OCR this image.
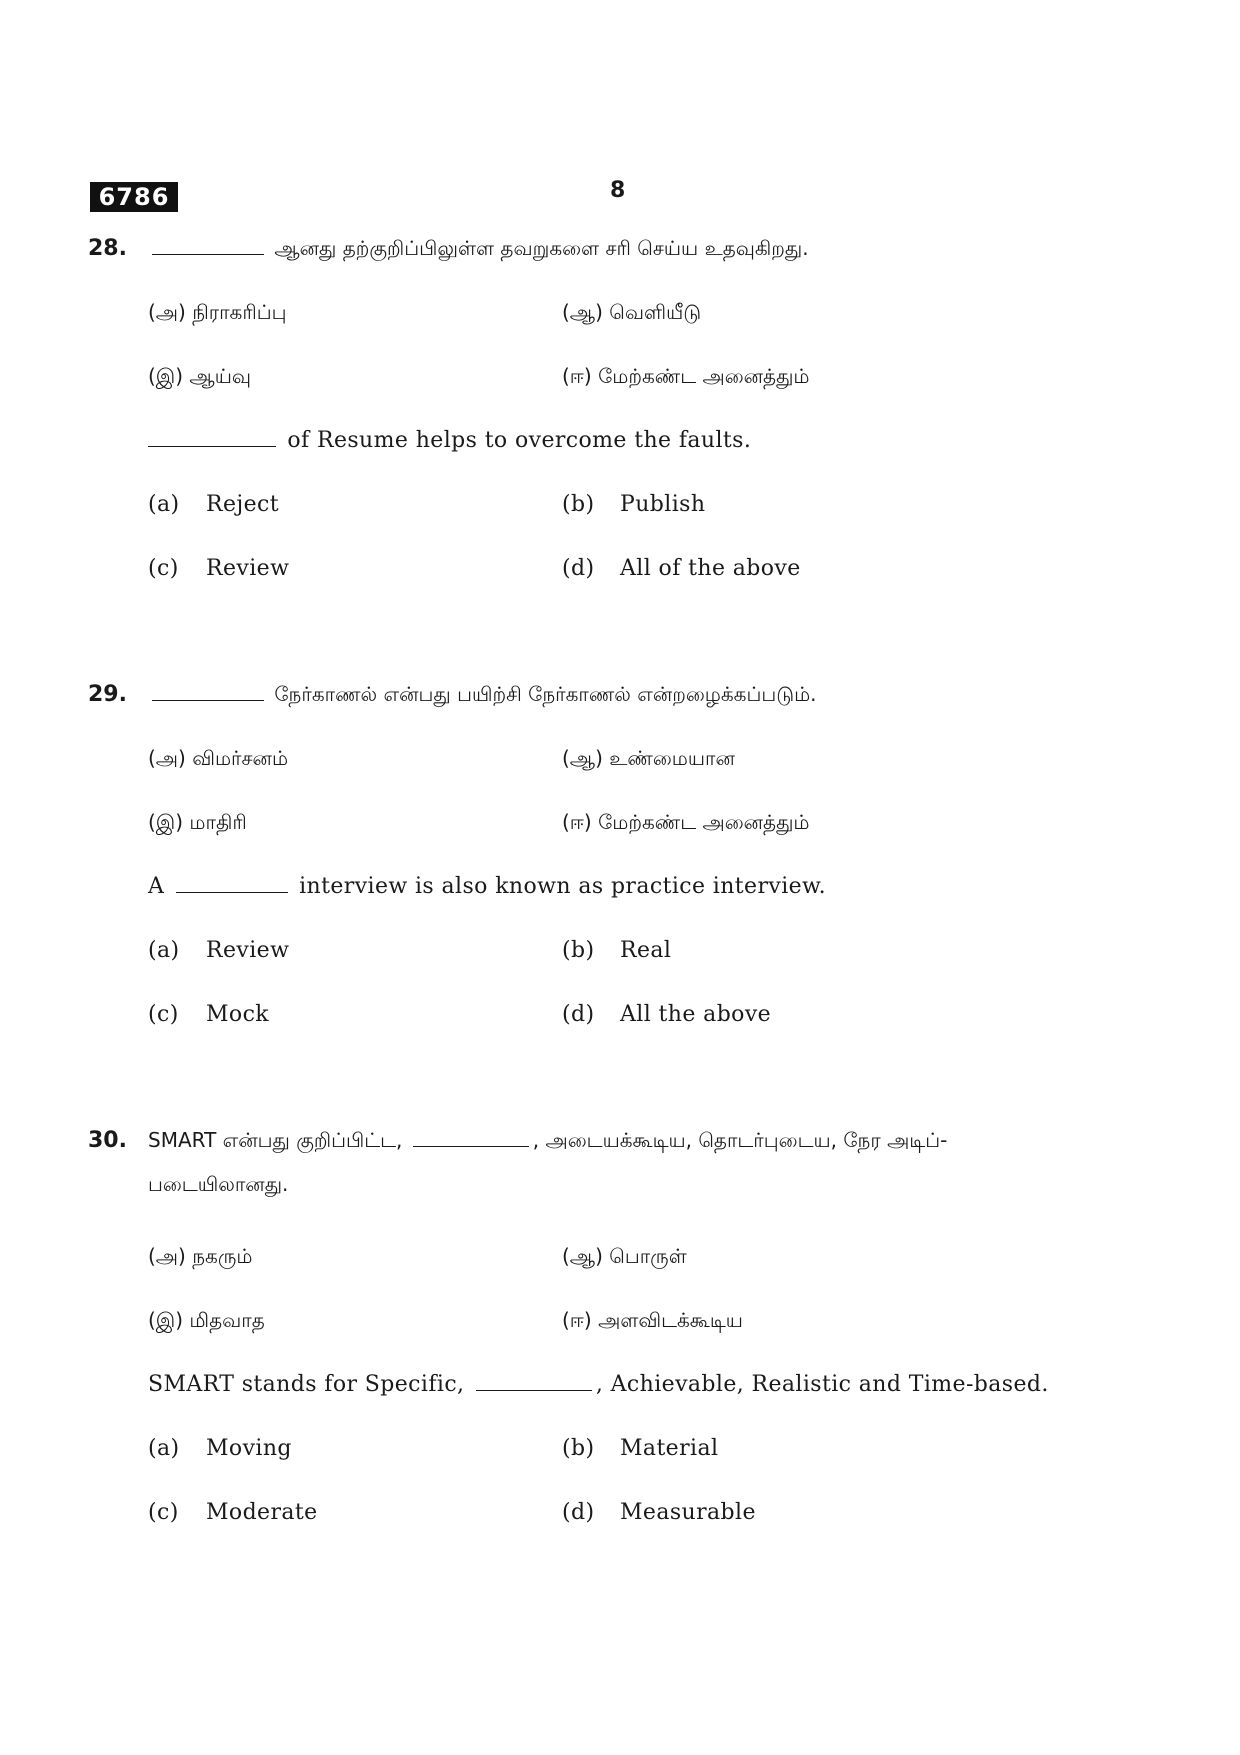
6786	8
28.	ஆனது தற்குறிப்பிலுள்ள தவறுகளை சரி செய்ய உதவுகிறது.
(அ) நிராகரிப்பு	(ஆ) வெளியீடு
(இ) ஆய்வு	(ஈ) மேற்கண்ட அனைத்தும்
of Resume helps to overcome the faults.
(a) Reject	(b) Publish
(c) Review	(d) All of the above
29.	நேர்காணல் என்பது பயிற்சி நேர்காணல் என்றழைக்கப்படும்.
(அ) விமர்சனம்	(ஆ) உண்மையான
(இ) மாதிரி	(ஈ) மேற்கண்ட அனைத்தும்
A	interview is also known as practice interview.
(a) Review	(b) Real
(c) Mock	(d) All the above
30. SMART என்பது குறிப்பிட்ட,	, அடையக்கூடிய, தொடர்புடைய, நேர அடிப்-
படையிலானது.
(அ) நகரும்	(ஆ) பொருள்
(இ) மிதவாத	(ஈ) அளவிடக்கூடிய
SMART stands for Specific,	, Achievable, Realistic and Time-based.
(a) Moving	(b) Material
(c) Moderate	(d) Measurable
